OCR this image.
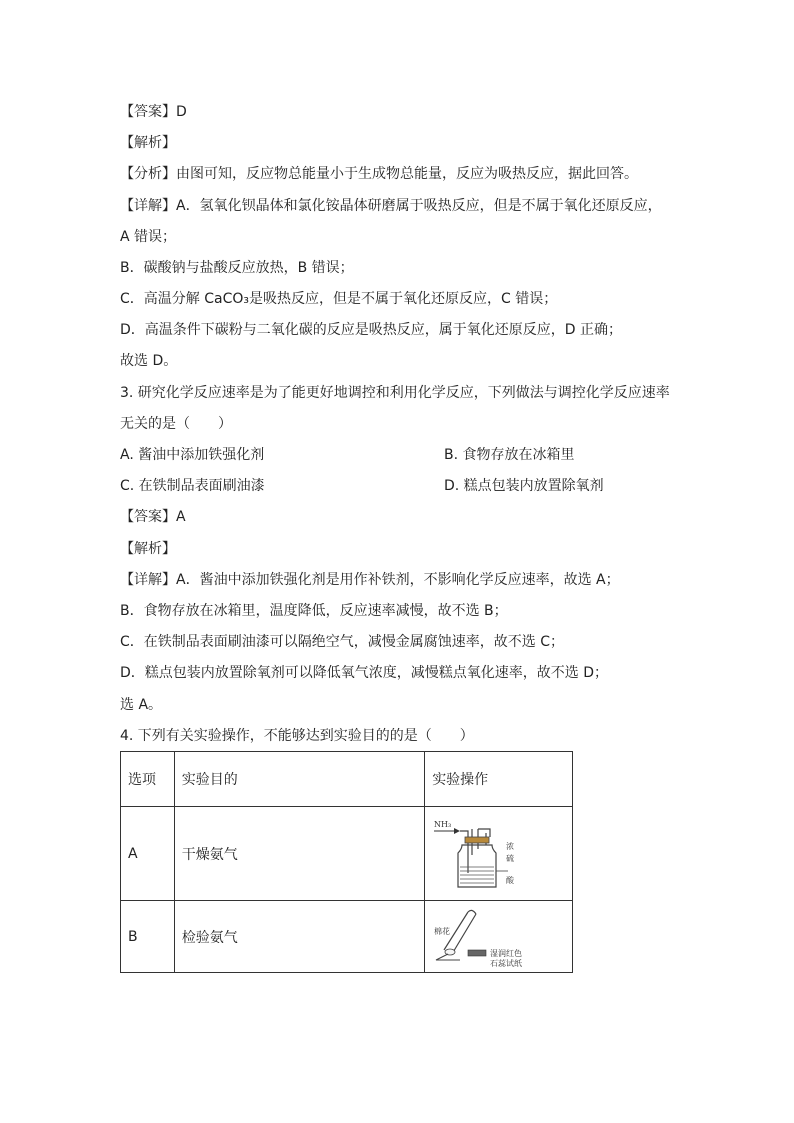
【答案】D
【解析】
【分析】由图可知，反应物总能量小于生成物总能量，反应为吸热反应，据此回答。
【详解】A．氢氧化钡晶体和氯化铵晶体研磨属于吸热反应，但是不属于氧化还原反应，
A 错误；
B．碳酸钠与盐酸反应放热，B 错误；
C．高温分解 CaCO₃是吸热反应，但是不属于氧化还原反应，C 错误；
D．高温条件下碳粉与二氧化碳的反应是吸热反应，属于氧化还原反应，D 正确；
故选 D。
3. 研究化学反应速率是为了能更好地调控和利用化学反应，下列做法与调控化学反应速率
无关的是（　　）
A. 酱油中添加铁强化剂	B. 食物存放在冰箱里
C. 在铁制品表面刷油漆	D. 糕点包装内放置除氧剂
【答案】A
【解析】
【详解】A．酱油中添加铁强化剂是用作补铁剂，不影响化学反应速率，故选 A；
B．食物存放在冰箱里，温度降低，反应速率减慢，故不选 B；
C．在铁制品表面刷油漆可以隔绝空气，减慢金属腐蚀速率，故不选 C；
D．糕点包装内放置除氧剂可以降低氧气浓度，减慢糕点氧化速率，故不选 D；
选 A。
4. 下列有关实验操作，不能够达到实验目的的是（　　）
选项	实验目的	实验操作
A	干燥氨气	NH₃
浓
硫
酸

B	检验氨气	棉花
湿润红色
石蕊试纸
